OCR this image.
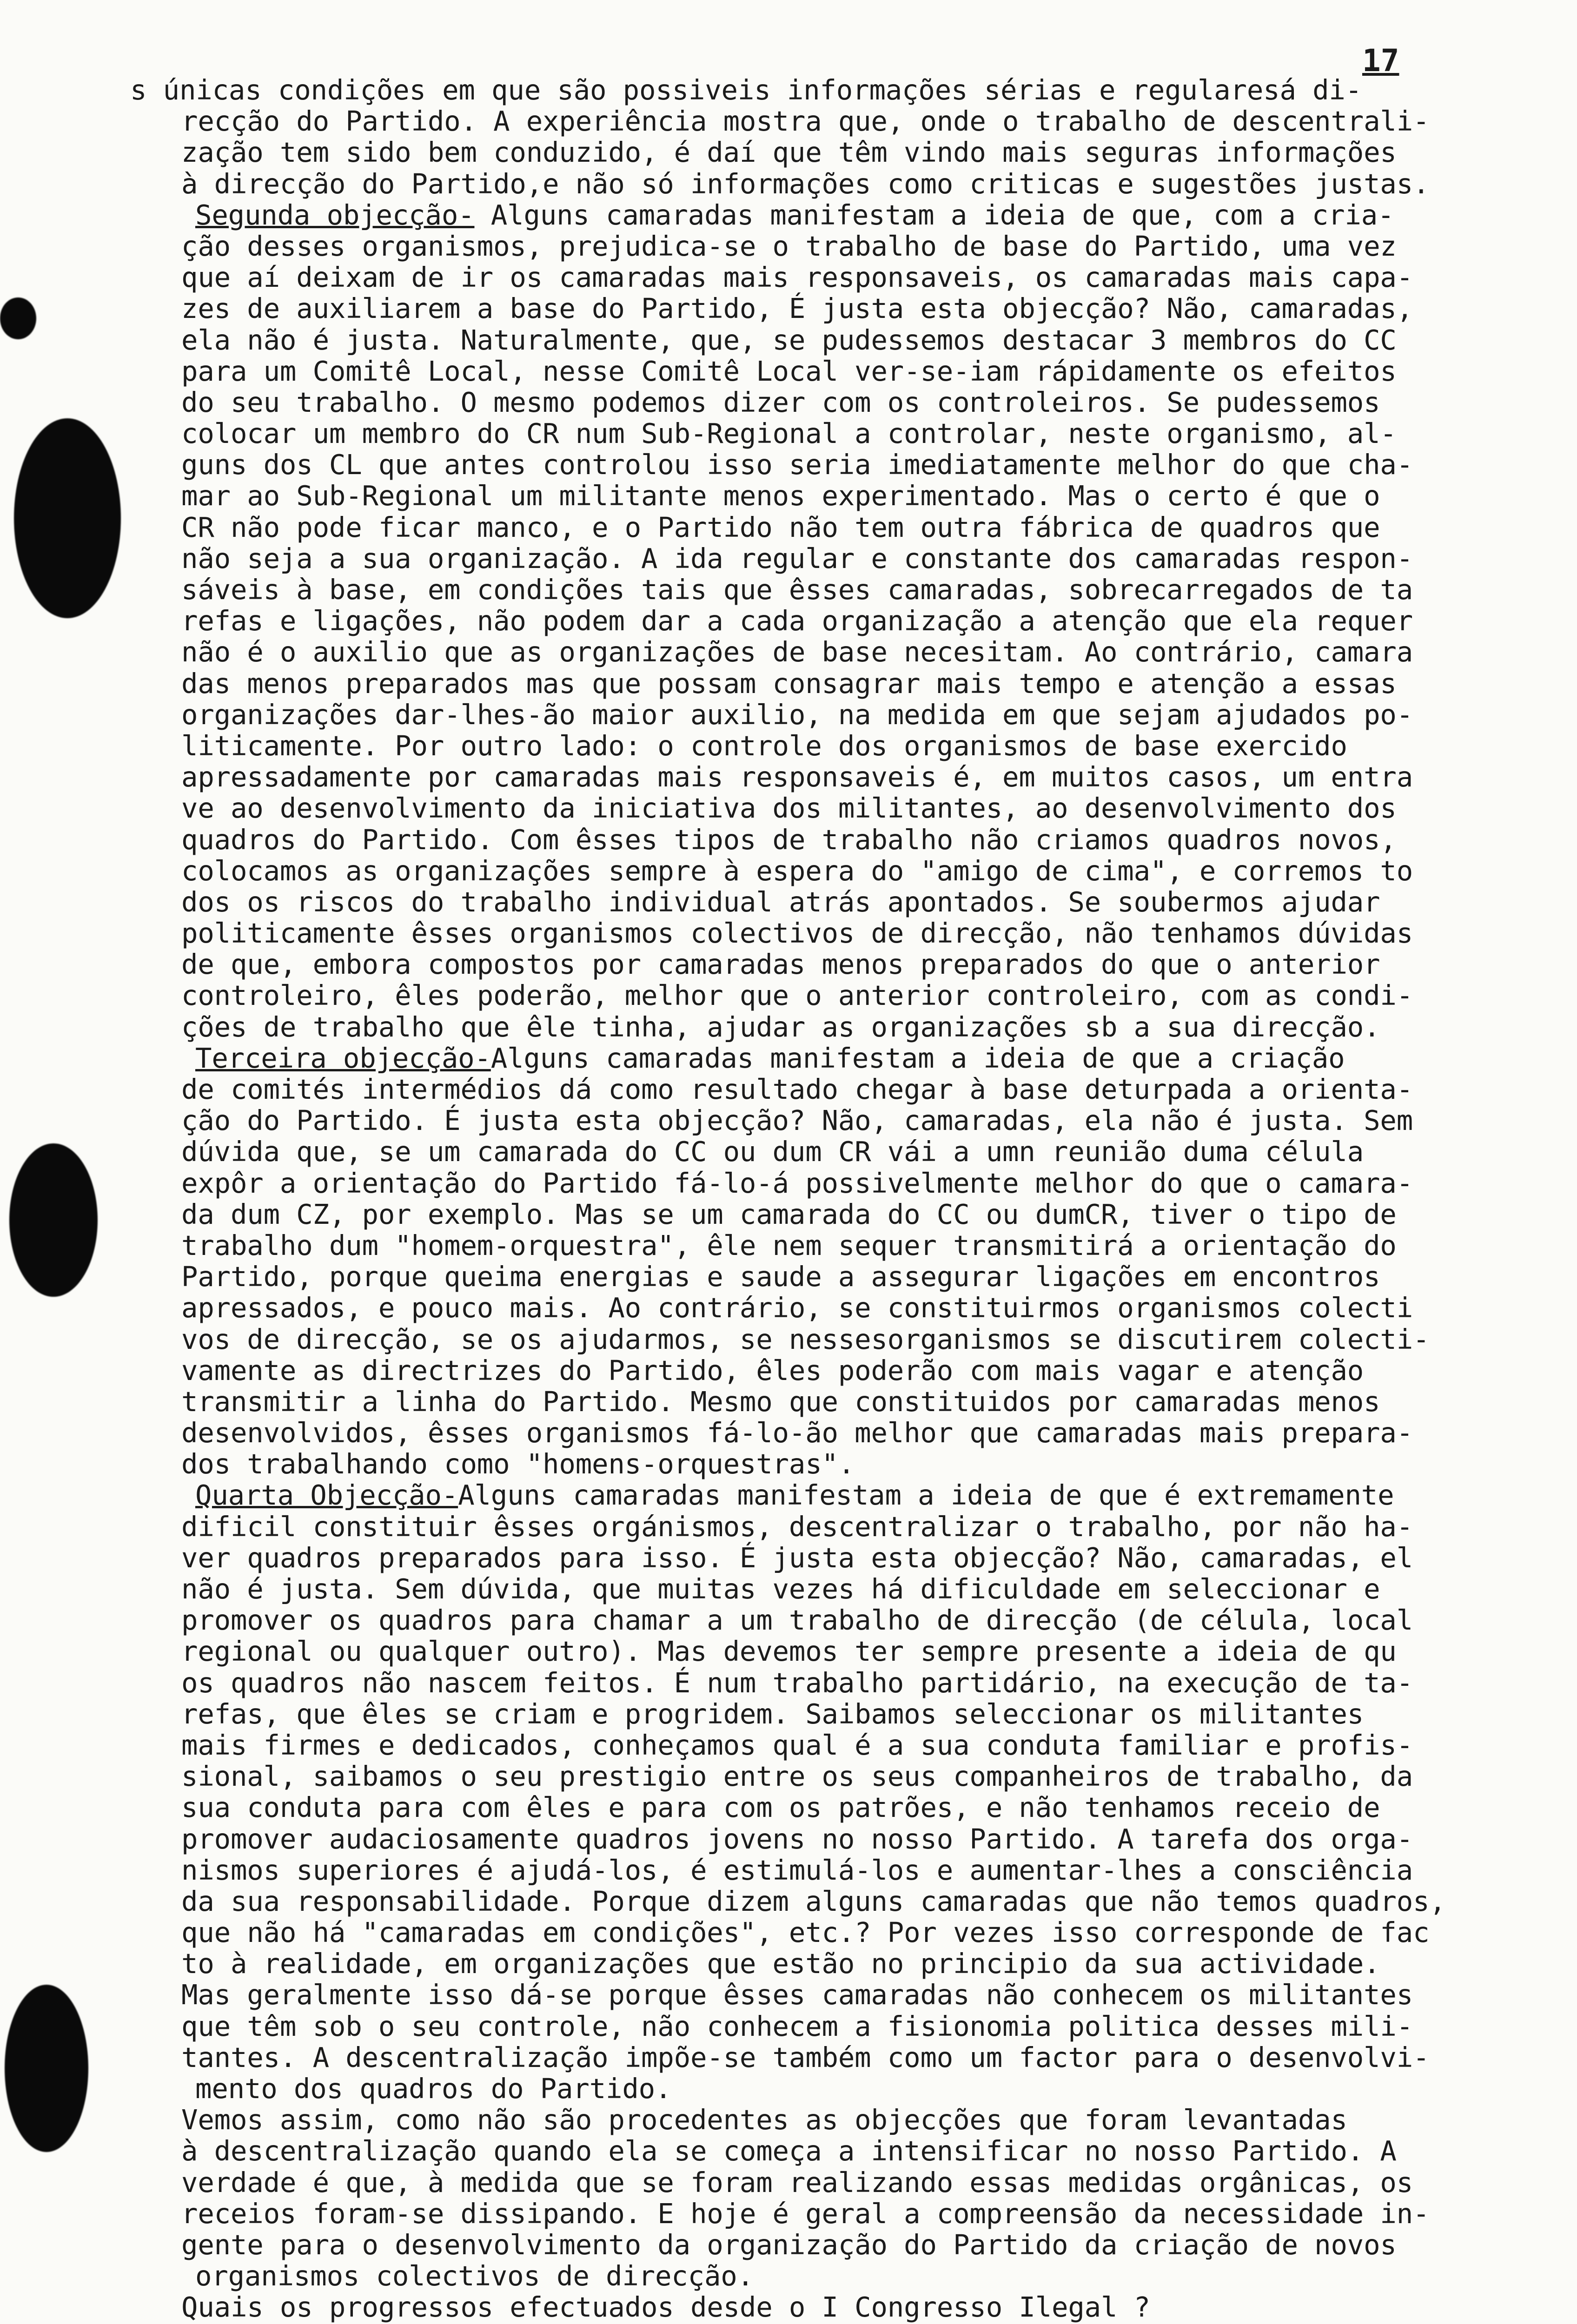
17
s únicas condições em que são possiveis informações sérias e regularesá di-
recção do Partido. A experiência mostra que, onde o trabalho de descentrali-
zação tem sido bem conduzido, é daí que têm vindo mais seguras informações
à direcção do Partido,e não só informações como criticas e sugestões justas.
Segunda objecção- Alguns camaradas manifestam a ideia de que, com a cria-
ção desses organismos, prejudica-se o trabalho de base do Partido, uma vez
que aí deixam de ir os camaradas mais responsaveis, os camaradas mais capa-
zes de auxiliarem a base do Partido, É justa esta objecção? Não, camaradas,
ela não é justa. Naturalmente, que, se pudessemos destacar 3 membros do CC
para um Comitê Local, nesse Comitê Local ver-se-iam rápidamente os efeitos
do seu trabalho. O mesmo podemos dizer com os controleiros. Se pudessemos
colocar um membro do CR num Sub-Regional a controlar, neste organismo, al-
guns dos CL que antes controlou isso seria imediatamente melhor do que cha-
mar ao Sub-Regional um militante menos experimentado. Mas o certo é que o
CR não pode ficar manco, e o Partido não tem outra fábrica de quadros que
não seja a sua organização. A ida regular e constante dos camaradas respon-
sáveis à base, em condições tais que êsses camaradas, sobrecarregados de ta
refas e ligações, não podem dar a cada organização a atenção que ela requer
não é o auxilio que as organizações de base necesitam. Ao contrário, camara
das menos preparados mas que possam consagrar mais tempo e atenção a essas
organizações dar-lhes-ão maior auxilio, na medida em que sejam ajudados po-
liticamente. Por outro lado: o controle dos organismos de base exercido
apressadamente por camaradas mais responsaveis é, em muitos casos, um entra
ve ao desenvolvimento da iniciativa dos militantes, ao desenvolvimento dos
quadros do Partido. Com êsses tipos de trabalho não criamos quadros novos,
colocamos as organizações sempre à espera do "amigo de cima", e corremos to
dos os riscos do trabalho individual atrás apontados. Se soubermos ajudar
politicamente êsses organismos colectivos de direcção, não tenhamos dúvidas
de que, embora compostos por camaradas menos preparados do que o anterior
controleiro, êles poderão, melhor que o anterior controleiro, com as condi-
ções de trabalho que êle tinha, ajudar as organizações sb a sua direcção.
Terceira objecção-Alguns camaradas manifestam a ideia de que a criação
de comités intermédios dá como resultado chegar à base deturpada a orienta-
ção do Partido. É justa esta objecção? Não, camaradas, ela não é justa. Sem
dúvida que, se um camarada do CC ou dum CR vái a umn reunião duma célula
expôr a orientação do Partido fá-lo-á possivelmente melhor do que o camara-
da dum CZ, por exemplo. Mas se um camarada do CC ou dumCR, tiver o tipo de
trabalho dum "homem-orquestra", êle nem sequer transmitirá a orientação do
Partido, porque queima energias e saude a assegurar ligações em encontros
apressados, e pouco mais. Ao contrário, se constituirmos organismos colecti
vos de direcção, se os ajudarmos, se nessesorganismos se discutirem colecti-
vamente as directrizes do Partido, êles poderão com mais vagar e atenção
transmitir a linha do Partido. Mesmo que constituidos por camaradas menos
desenvolvidos, êsses organismos fá-lo-ão melhor que camaradas mais prepara-
dos trabalhando como "homens-orquestras".
Quarta Objecção-Alguns camaradas manifestam a ideia de que é extremamente
dificil constituir êsses orgánismos, descentralizar o trabalho, por não ha-
ver quadros preparados para isso. É justa esta objecção? Não, camaradas, el
não é justa. Sem dúvida, que muitas vezes há dificuldade em seleccionar e
promover os quadros para chamar a um trabalho de direcção (de célula, local
regional ou qualquer outro). Mas devemos ter sempre presente a ideia de qu
os quadros não nascem feitos. É num trabalho partidário, na execução de ta-
refas, que êles se criam e progridem. Saibamos seleccionar os militantes
mais firmes e dedicados, conheçamos qual é a sua conduta familiar e profis-
sional, saibamos o seu prestigio entre os seus companheiros de trabalho, da
sua conduta para com êles e para com os patrões, e não tenhamos receio de
promover audaciosamente quadros jovens no nosso Partido. A tarefa dos orga-
nismos superiores é ajudá-los, é estimulá-los e aumentar-lhes a consciência
da sua responsabilidade. Porque dizem alguns camaradas que não temos quadros,
que não há "camaradas em condições", etc.? Por vezes isso corresponde de fac
to à realidade, em organizações que estão no principio da sua actividade.
Mas geralmente isso dá-se porque êsses camaradas não conhecem os militantes
que têm sob o seu controle, não conhecem a fisionomia politica desses mili-
tantes. A descentralização impõe-se também como um factor para o desenvolvi-
mento dos quadros do Partido.
Vemos assim, como não são procedentes as objecções que foram levantadas
à descentralização quando ela se começa a intensificar no nosso Partido. A
verdade é que, à medida que se foram realizando essas medidas orgânicas, os
receios foram-se dissipando. E hoje é geral a compreensão da necessidade in-
gente para o desenvolvimento da organização do Partido da criação de novos
organismos colectivos de direcção.
Quais os progressos efectuados desde o I Congresso Ilegal ?
